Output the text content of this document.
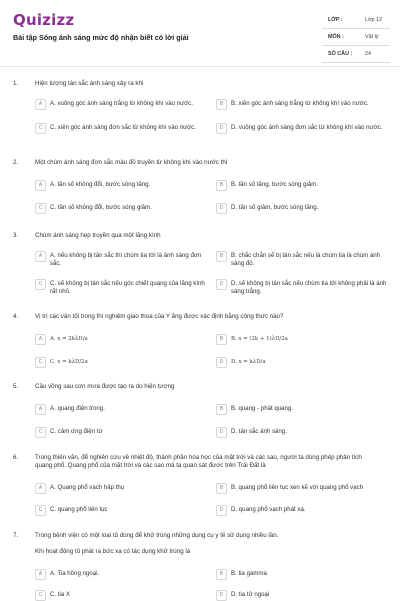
Quizizz
Bài tập Sóng ánh sáng mức độ nhận biết có lời giải
LỚP :	Lớp 12
MÔN :	Vật lý
SỐ CÂU : 24
1.	Hiện tượng tán sắc ánh sáng xảy ra khi
A	A. vuông góc ánh sáng trắng từ không khí vào nước.	B	B. xiên góc ánh sáng trắng từ không khí vào nước.
C	C. xiên góc ánh sáng đơn sắc từ không khí vào nước.	D	D. vuông góc ánh sáng đơn sắc từ không khí vào nước.
2.	Một chùm ánh sáng đơn sắc màu đỏ truyền từ không khí vào nước thì
A	A. tần số không đổi, bước sóng tăng.	B	B. tần số tăng, bước sóng giảm.
C	C. tần số không đổi, bước sóng giảm.	D	D. tần số giảm, bước sóng tăng.
3.	Chùm ánh sáng hẹp truyền qua một lăng kính
A	A. nếu không bị tán sắc thì chùm tia tới là ánh sáng đơn sắc.
B	B. chắc chắn sẽ bị tán sắc nếu là chùm tia là chùm ánh sáng đỏ.
C	C. sẽ không bị tán sắc nếu góc chiết quang của lăng kính rất nhỏ.
D	D. sẽ không bị tán sắc nếu chùm tia tới không phải là ánh sáng trắng.
4.	Vị trí các vân tối trong thí nghiệm giao thoa của Y âng được xác định bằng công thức nào?
A	A. x = 2kλD/a	B	B. x = (2k + 1)λD/2a
C	C. x = kλD/2a	D	D. x = kλD/a
5.	Cầu vồng sau cơn mưa được tạo ra do hiện tượng
A	A. quang điện trong.	B	B. quang - phát quang.
C	C. cảm ứng điện từ	D	D. tán sắc ánh sáng.
6.	Trong thiên văn, để nghiên cứu về nhiệt độ, thành phần hóa học của mặt trời và các sao, người ta dùng phép phân tích quang phổ. Quang phổ của mặt trời và các sao mà ta quan sát được trên Trái Đất là
A	A. Quang phổ vạch hấp thụ	B	B. quang phổ liên tục xen kẽ với quang phổ vạch
C	C. quang phổ liên tục	D	D. quang phổ vạch phát xạ.
7.	Trong bệnh viện có một loại tủ dùng để khử trùng những dụng cụ y tế sử dụng nhiều lần.
Khi hoạt động tủ phát ra bức xạ có tác dụng khử trùng là
A	A. Tia hồng ngoại.	B	B. tia gamma
C	C. tia X	D	D. tia tử ngoại
